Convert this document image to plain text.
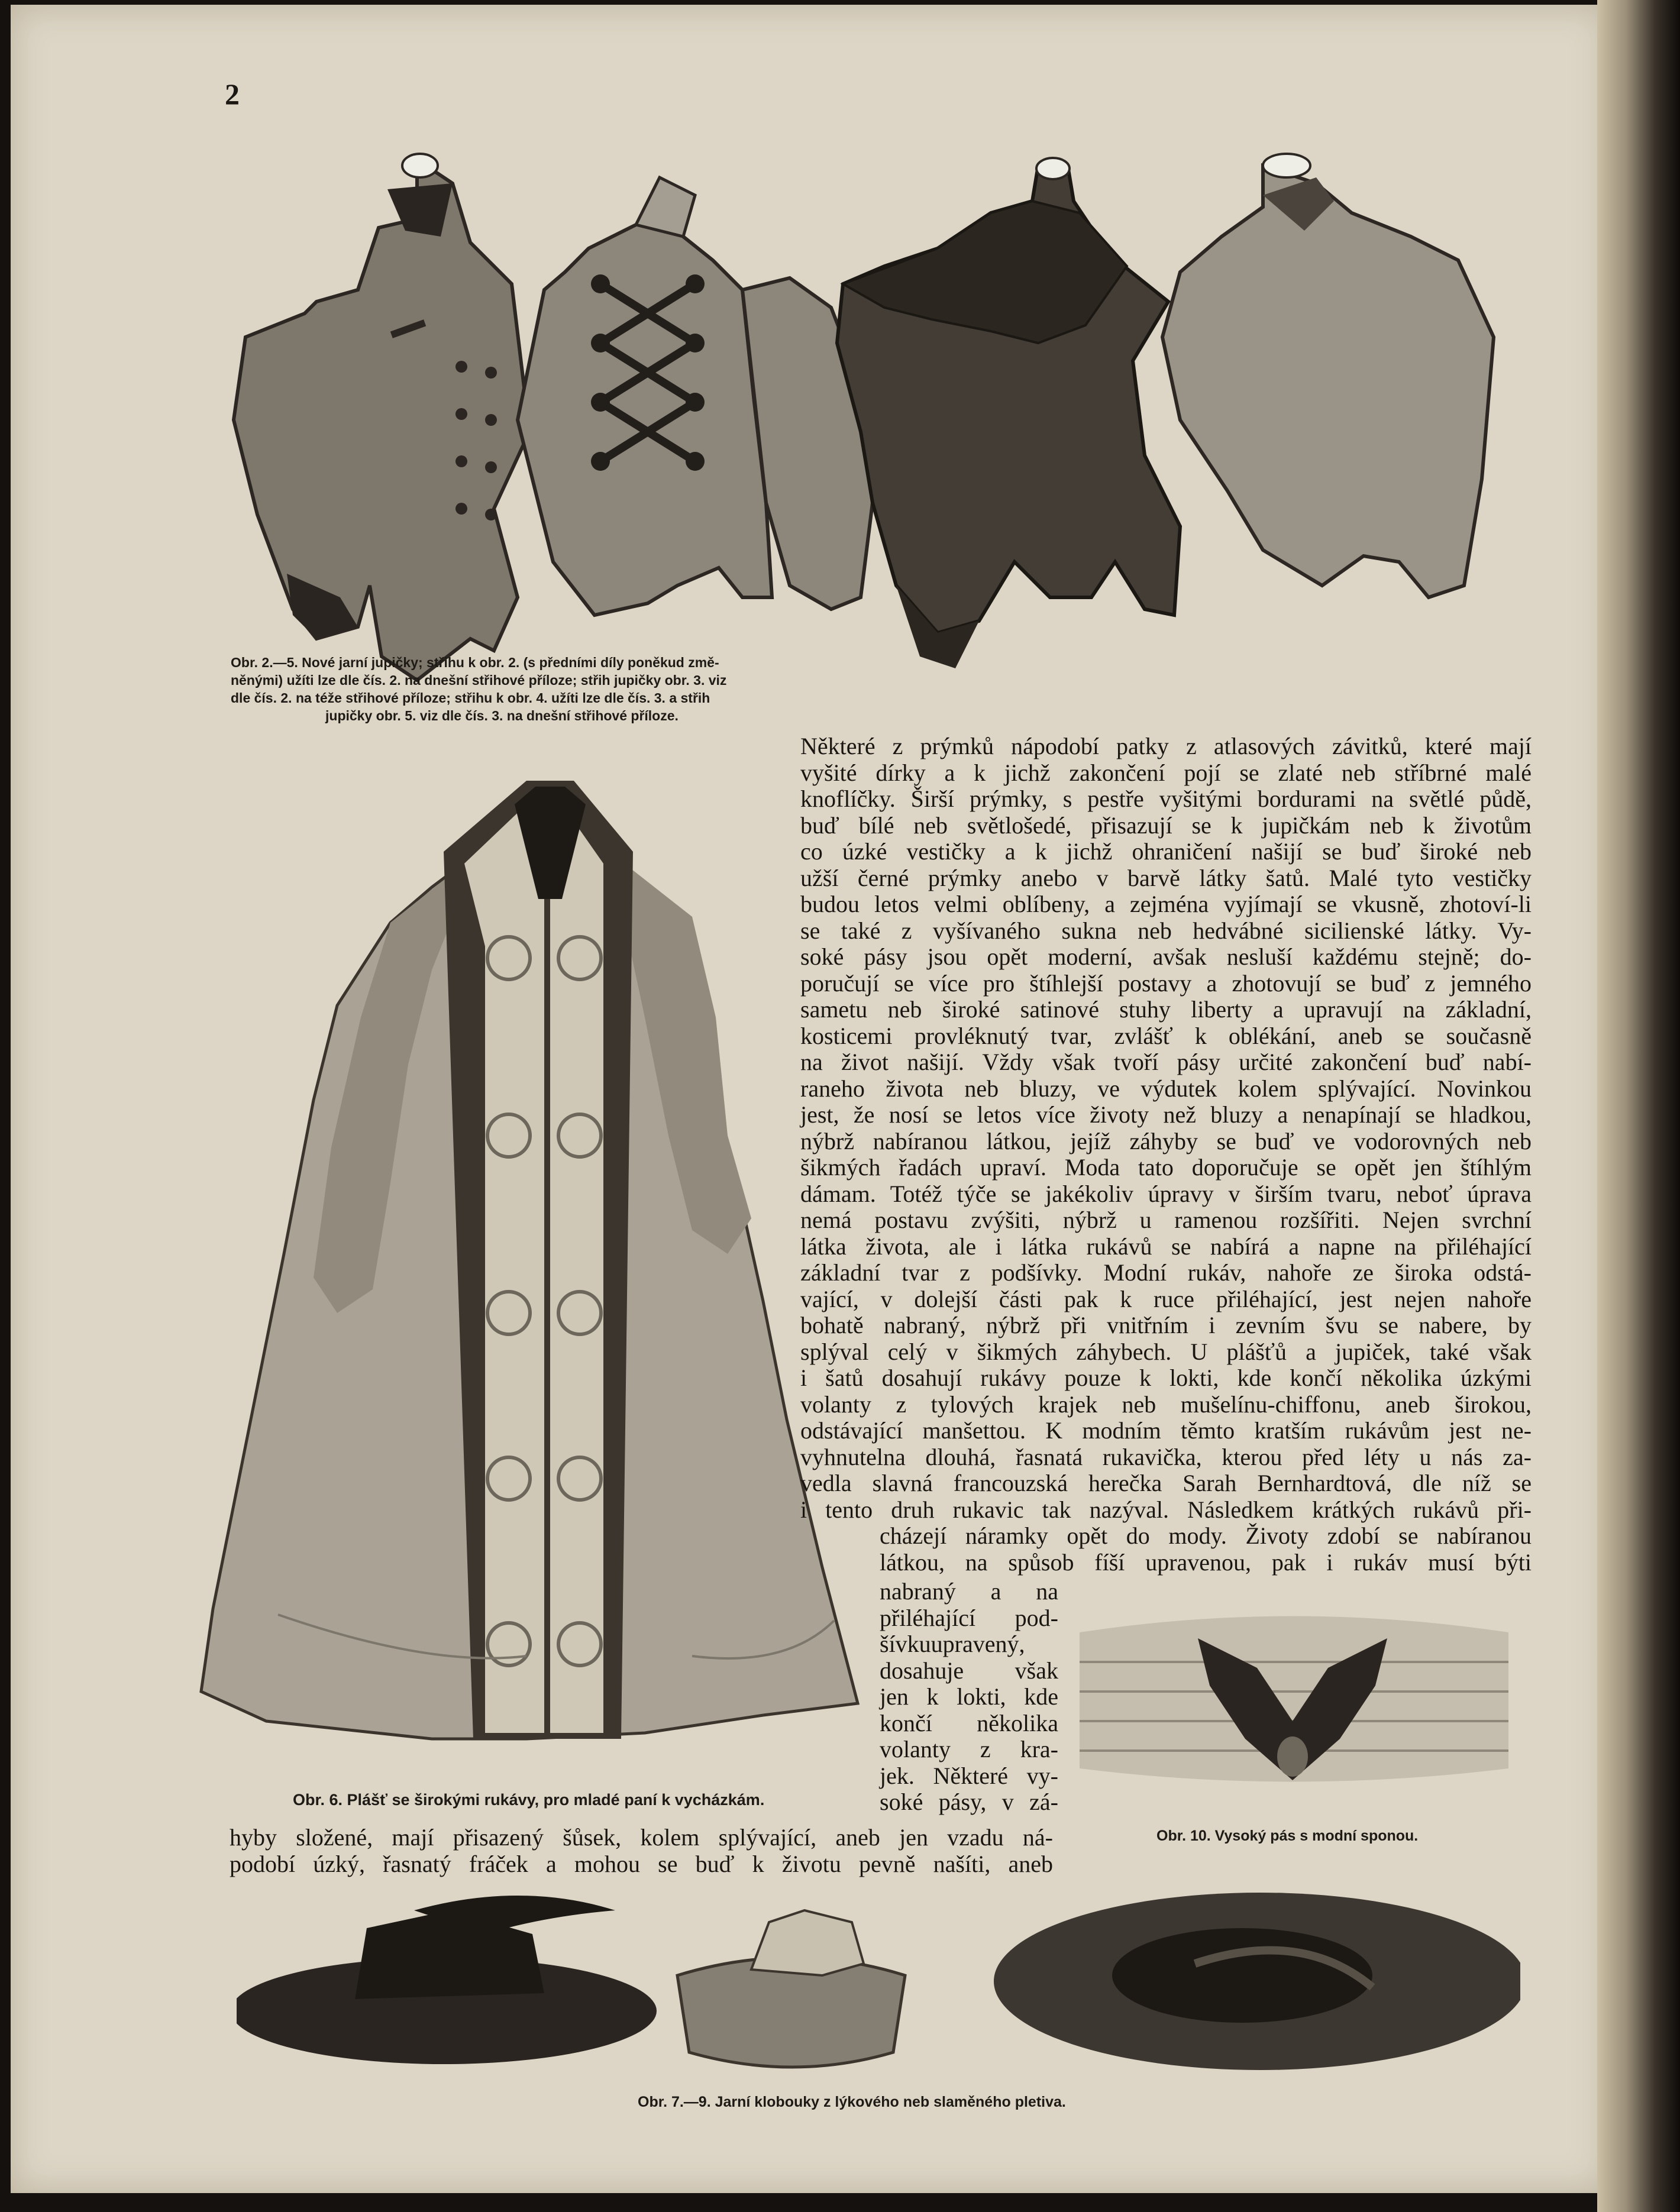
2
Obr. 2.—5. Nové jarní jupičky; střihu k obr. 2. (s předními díly poněkud změ-
něnými) užíti lze dle čís. 2. na dnešní střihové příloze; střih jupičky obr. 3. viz
dle čís. 2. na téže střihové příloze; střihu k obr. 4. užíti lze dle čís. 3. a střih
jupičky obr. 5. viz dle čís. 3. na dnešní střihové příloze.
Obr. 6. Plášť se širokými rukávy, pro mladé paní k vycházkám.
Obr. 10. Vysoký pás s modní sponou.
Obr. 7.—9. Jarní klobouky z lýkového neb slaměného pletiva.

Některé z prýmků nápodobí patky z atlasových závitků, které mají

vyšité dírky a k jichž zakončení pojí se zlaté neb stříbrné malé

knoflíčky. Širší prýmky, s pestře vyšitými bordurami na světlé půdě,

buď bílé neb světlošedé, přisazují se k jupičkám neb k životům

co úzké vestičky a k jichž ohraničení našijí se buď široké neb

užší černé prýmky anebo v barvě látky šatů. Malé tyto vestičky

budou letos velmi oblíbeny, a zejména vyjímají se vkusně, zhotoví-li

se také z vyšívaného sukna neb hedvábné sicilienské látky. Vy-

soké pásy jsou opět moderní, avšak nesluší každému stejně; do-

poručují se více pro štíhlejší postavy a zhotovují se buď z jemného

sametu neb široké satinové stuhy liberty a upravují na základní,

kosticemi provléknutý tvar, zvlášť k oblékání, aneb se současně

na život našijí. Vždy však tvoří pásy určité zakončení buď nabí-

raneho života neb bluzy, ve výdutek kolem splývající. Novinkou

jest, že nosí se letos více životy než bluzy a nenapínají se hladkou,

nýbrž nabíranou látkou, jejíž záhyby se buď ve vodorovných neb

šikmých řadách upraví. Moda tato doporučuje se opět jen štíhlým

dámam. Totéž týče se jakékoliv úpravy v širším tvaru, neboť úprava

nemá postavu zvýšiti, nýbrž u ramenou rozšířiti. Nejen svrchní

látka života, ale i látka rukávů se nabírá a napne na přiléhající

základní tvar z podšívky. Modní rukáv, nahoře ze široka odstá-

vající, v dolejší části pak k ruce přiléhající, jest nejen nahoře

bohatě nabraný, nýbrž při vnitřním i zevním švu se nabere, by

splýval celý v šikmých záhybech. U plášťů a jupiček, také však

i šatů dosahují rukávy pouze k lokti, kde končí několika úzkými

volanty z tylových krajek neb mušelínu-chiffonu, aneb širokou,

odstávající manšettou. K modním těmto kratším rukávům jest ne-

vyhnutelna dlouhá, řasnatá rukavička, kterou před léty u nás za-

vedla slavná francouzská herečka Sarah Bernhardtová, dle níž se

i tento druh rukavic tak nazýval. Následkem krátkých rukávů při-

cházejí náramky opět do mody. Životy zdobí se nabíranou

látkou, na spůsob fíší upravenou, pak i rukáv musí býti

nabraný a na

přiléhající pod-

šívkuupravený,

dosahuje však

jen k lokti, kde

končí několika

volanty z kra-

jek. Některé vy-

soké pásy, v zá-

hyby složené, mají přisazený šůsek, kolem splývající, aneb jen vzadu ná-

podobí úzký, řasnatý fráček a mohou se buď k životu pevně našíti, aneb
